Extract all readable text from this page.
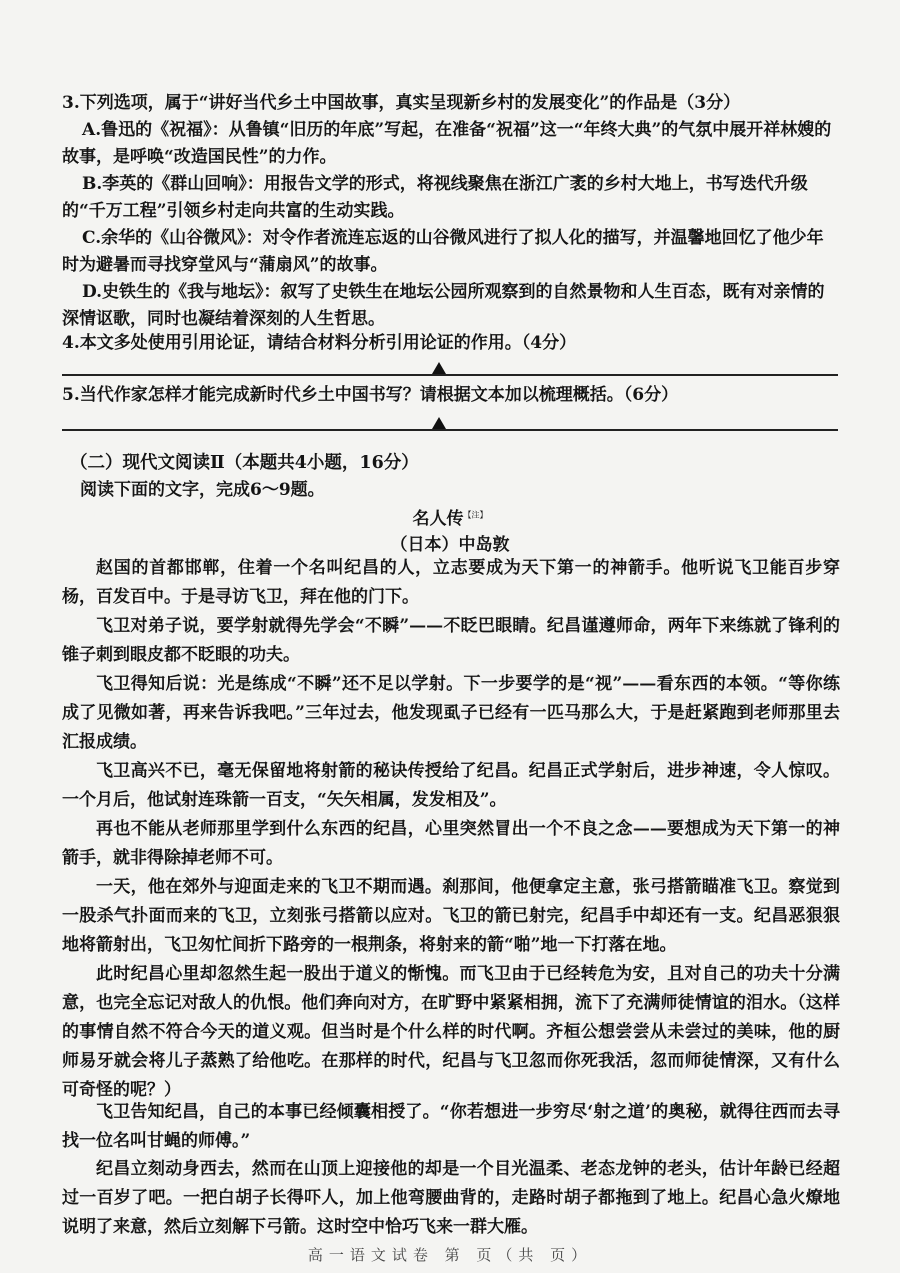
3.下列选项，属于“讲好当代乡土中国故事，真实呈现新乡村的发展变化”的作品是（3分）
A.鲁迅的《祝福》：从鲁镇“旧历的年底”写起，在准备“祝福”这一“年终大典”的气氛中展开祥林嫂的故事，是呼唤“改造国民性”的力作。
B.李英的《群山回响》：用报告文学的形式，将视线聚焦在浙江广袤的乡村大地上，书写迭代升级的“千万工程”引领乡村走向共富的生动实践。
C.余华的《山谷微风》：对令作者流连忘返的山谷微风进行了拟人化的描写，并温馨地回忆了他少年时为避暑而寻找穿堂风与“蒲扇风”的故事。
D.史铁生的《我与地坛》：叙写了史铁生在地坛公园所观察到的自然景物和人生百态，既有对亲情的深情讴歌，同时也凝结着深刻的人生哲思。
4.本文多处使用引用论证，请结合材料分析引用论证的作用。（4分）
5.当代作家怎样才能完成新时代乡土中国书写？请根据文本加以梳理概括。（6分）
（二）现代文阅读Ⅱ（本题共4小题，16分）
阅读下面的文字，完成6～9题。
名人传$^{【注】}$
（日本）中岛敦
赵国的首都邯郸，住着一个名叫纪昌的人，立志要成为天下第一的神箭手。他听说飞卫能百步穿杨，百发百中。于是寻访飞卫，拜在他的门下。
飞卫对弟子说，要学射就得先学会“不瞬”——不眨巴眼睛。纪昌谨遵师命，两年下来练就了锋利的锥子刺到眼皮都不眨眼的功夫。
飞卫得知后说：光是练成“不瞬”还不足以学射。下一步要学的是“视”——看东西的本领。“等你练成了见微如著，再来告诉我吧。”三年过去，他发现虱子已经有一匹马那么大，于是赶紧跑到老师那里去汇报成绩。
飞卫高兴不已，毫无保留地将射箭的秘诀传授给了纪昌。纪昌正式学射后，进步神速，令人惊叹。一个月后，他试射连珠箭一百支，“矢矢相属，发发相及”。
再也不能从老师那里学到什么东西的纪昌，心里突然冒出一个不良之念——要想成为天下第一的神箭手，就非得除掉老师不可。
一天，他在郊外与迎面走来的飞卫不期而遇。刹那间，他便拿定主意，张弓搭箭瞄准飞卫。察觉到一股杀气扑面而来的飞卫，立刻张弓搭箭以应对。飞卫的箭已射完，纪昌手中却还有一支。纪昌恶狠狠地将箭射出，飞卫匆忙间折下路旁的一根荆条，将射来的箭“啪”地一下打落在地。
此时纪昌心里却忽然生起一股出于道义的惭愧。而飞卫由于已经转危为安，且对自己的功夫十分满意，也完全忘记对敌人的仇恨。他们奔向对方，在旷野中紧紧相拥，流下了充满师徒情谊的泪水。（这样的事情自然不符合今天的道义观。但当时是个什么样的时代啊。齐桓公想尝尝从未尝过的美味，他的厨师易牙就会将儿子蒸熟了给他吃。在那样的时代，纪昌与飞卫忽而你死我活，忽而师徒情深，又有什么可奇怪的呢？）
飞卫告知纪昌，自己的本事已经倾囊相授了。“你若想进一步穷尽‘射之道’的奥秘，就得往西而去寻找一位名叫甘蝇的师傅。”
纪昌立刻动身西去，然而在山顶上迎接他的却是一个目光温柔、老态龙钟的老头，估计年龄已经超过一百岁了吧。一把白胡子长得吓人，加上他弯腰曲背的，走路时胡子都拖到了地上。纪昌心急火燎地说明了来意，然后立刻解下弓箭。这时空中恰巧飞来一群大雁。
高一语文试卷 第 页（共 页）
